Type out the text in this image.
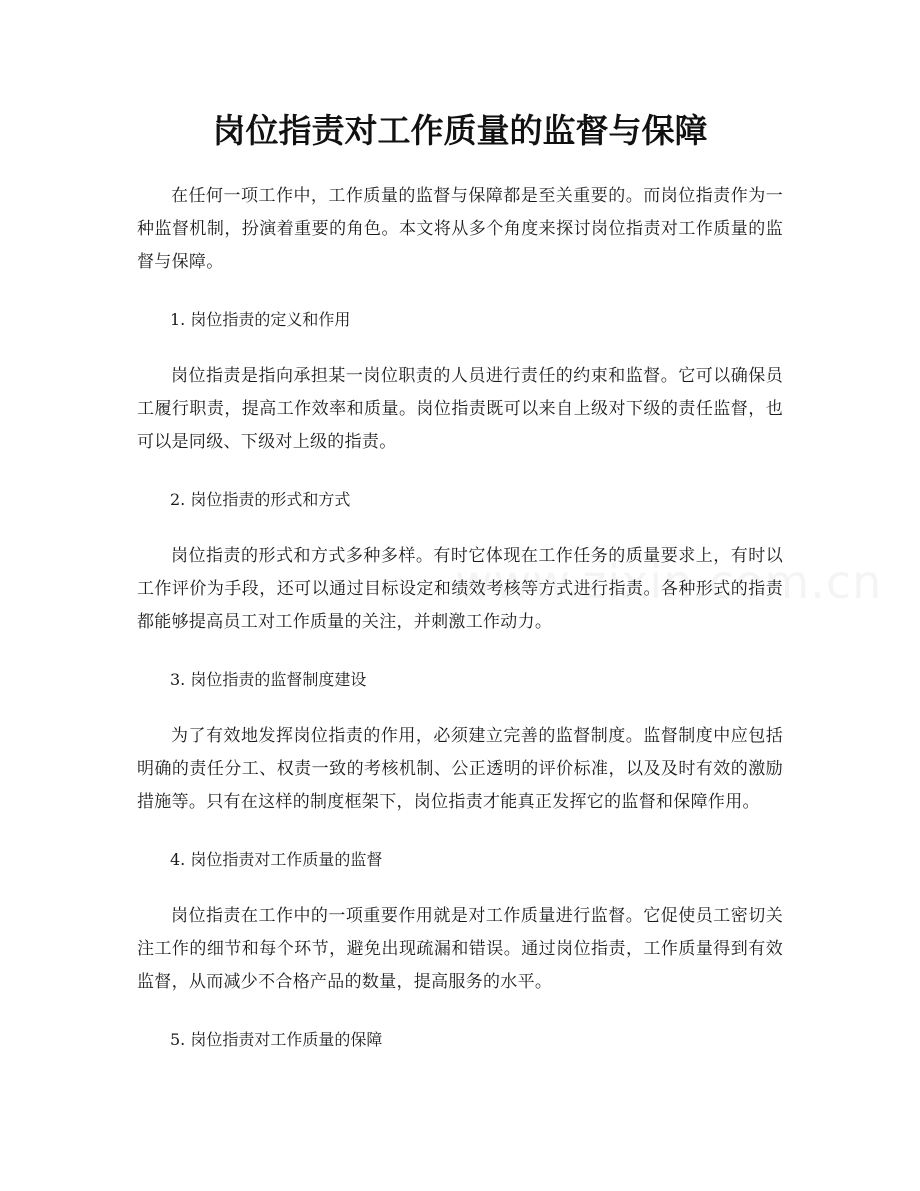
岗位指责对工作质量的监督与保障

在任何一项工作中，工作质量的监督与保障都是至关重要的。而岗位指责作为一种监督机制，扮演着重要的角色。本文将从多个角度来探讨岗位指责对工作质量的监督与保障。

1. 岗位指责的定义和作用

岗位指责是指向承担某一岗位职责的人员进行责任的约束和监督。它可以确保员工履行职责，提高工作效率和质量。岗位指责既可以来自上级对下级的责任监督，也可以是同级、下级对上级的指责。

2. 岗位指责的形式和方式

岗位指责的形式和方式多种多样。有时它体现在工作任务的质量要求上，有时以工作评价为手段，还可以通过目标设定和绩效考核等方式进行指责。各种形式的指责都能够提高员工对工作质量的关注，并刺激工作动力。

3. 岗位指责的监督制度建设

为了有效地发挥岗位指责的作用，必须建立完善的监督制度。监督制度中应包括明确的责任分工、权责一致的考核机制、公正透明的评价标准，以及及时有效的激励措施等。只有在这样的制度框架下，岗位指责才能真正发挥它的监督和保障作用。

4. 岗位指责对工作质量的监督

岗位指责在工作中的一项重要作用就是对工作质量进行监督。它促使员工密切关注工作的细节和每个环节，避免出现疏漏和错误。通过岗位指责，工作质量得到有效监督，从而减少不合格产品的数量，提高服务的水平。

5. 岗位指责对工作质量的保障
